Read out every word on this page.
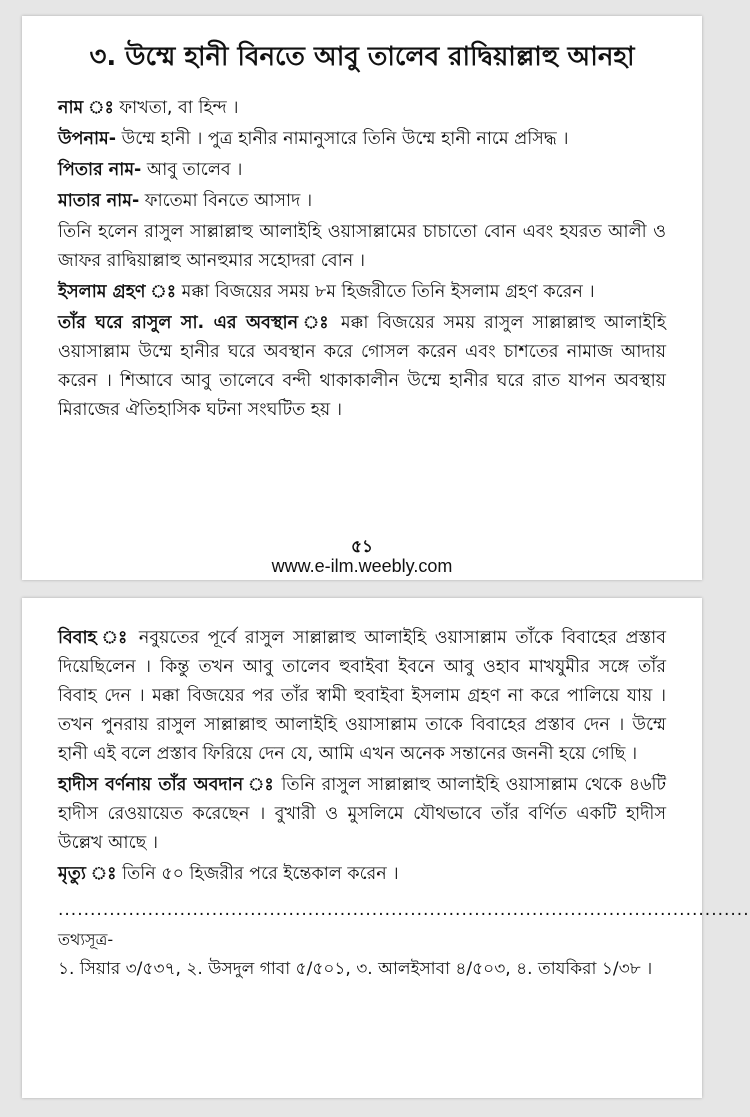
৩. উম্মে হানী বিনতে আবু তালেব রাদ্বিয়াল্লাহু আনহা

নাম ঃ ফাখতা, বা হিন্দ ।

উপনাম- উম্মে হানী । পুত্র হানীর নামানুসারে তিনি উম্মে হানী নামে প্রসিদ্ধ ।

পিতার নাম- আবু তালেব ।

মাতার নাম- ফাতেমা বিনতে আসাদ ।

তিনি হলেন রাসুল সাল্লাল্লাহু আলাইহি ওয়াসাল্লামের চাচাতো বোন এবং হযরত আলী ও জাফর রাদ্বিয়াল্লাহু আনহুমার সহোদরা বোন ।

ইসলাম গ্রহণ ঃ মক্কা বিজয়ের সময় ৮ম হিজরীতে তিনি ইসলাম গ্রহণ করেন ।

তাঁর ঘরে রাসুল সা. এর অবস্থান ঃ মক্কা বিজয়ের সময় রাসুল সাল্লাল্লাহু আলাইহি ওয়াসাল্লাম উম্মে হানীর ঘরে অবস্থান করে গোসল করেন এবং চাশতের নামাজ আদায় করেন । শিআবে আবু তালেবে বন্দী থাকাকালীন উম্মে হানীর ঘরে রাত যাপন অবস্থায় মিরাজের ঐতিহাসিক ঘটনা সংঘটিত হয় ।

৫১
www.e-ilm.weebly.com

বিবাহ ঃ নবুয়তের পূর্বে রাসুল সাল্লাল্লাহু আলাইহি ওয়াসাল্লাম তাঁকে বিবাহের প্রস্তাব দিয়েছিলেন । কিন্তু তখন আবু তালেব হুবাইবা ইবনে আবু ওহাব মাখযুমীর সঙ্গে তাঁর বিবাহ দেন । মক্কা বিজয়ের পর তাঁর স্বামী হুবাইবা ইসলাম গ্রহণ না করে পালিয়ে যায় । তখন পুনরায় রাসুল সাল্লাল্লাহু আলাইহি ওয়াসাল্লাম তাকে বিবাহের প্রস্তাব দেন । উম্মে হানী এই বলে প্রস্তাব ফিরিয়ে দেন যে, আমি এখন অনেক সন্তানের জননী হয়ে গেছি ।

হাদীস বর্ণনায় তাঁর অবদান ঃ তিনি রাসুল সাল্লাল্লাহু আলাইহি ওয়াসাল্লাম থেকে ৪৬টি হাদীস রেওয়ায়েত করেছেন । বুখারী ও মুসলিমে যৌথভাবে তাঁর বর্ণিত একটি হাদীস উল্লেখ আছে ।

মৃত্যু ঃ তিনি ৫০ হিজরীর পরে ইন্তেকাল করেন ।

............................................................................................................
তথ্যসূত্র-
১. সিয়ার ৩/৫৩৭, ২. উসদুল গাবা ৫/৫০১, ৩. আলইসাবা ৪/৫০৩, ৪. তাযকিরা ১/৩৮ ।
